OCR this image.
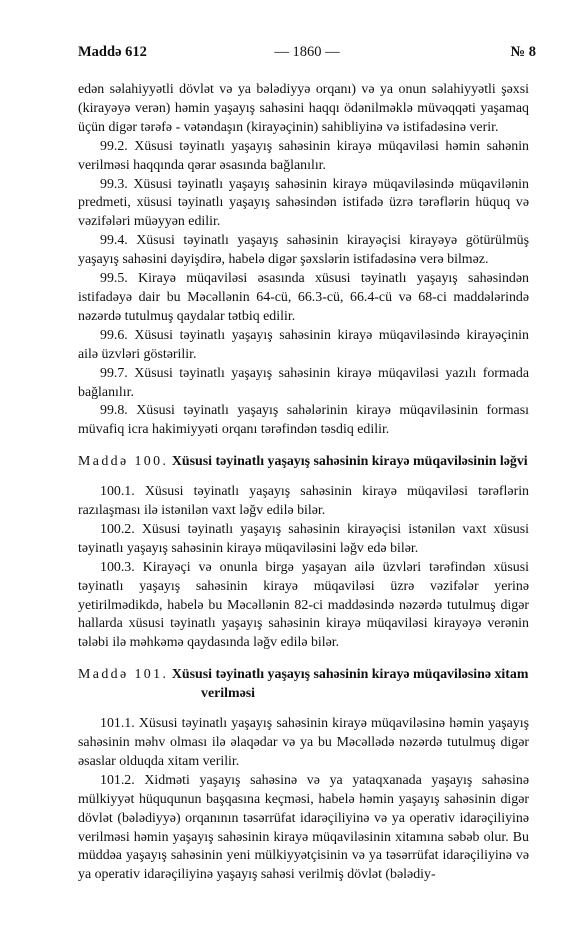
Maddə 612	— 1860 —	№ 8

edən səlahiyyətli dövlət və ya bələdiyyə orqanı) və ya onun səlahiyyətli şəxsi (kirayəyə verən) həmin yaşayış sahəsini haqqı ödənilməklə müvəqqəti yaşamaq üçün digər tərəfə - vətəndaşın (kirayəçinin) sahibliyinə və istifadəsinə verir.

99.2. Xüsusi təyinatlı yaşayış sahəsinin kirayə müqaviləsi həmin sahənin verilməsi haqqında qərar əsasında bağlanılır.

99.3. Xüsusi təyinatlı yaşayış sahəsinin kirayə müqaviləsində müqavilənin predmeti, xüsusi təyinatlı yaşayış sahəsindən istifadə üzrə tərəflərin hüquq və vəzifələri müəyyən edilir.

99.4. Xüsusi təyinatlı yaşayış sahəsinin kirayəçisi kirayəyə götürülmüş yaşayış sahəsini dəyişdirə, habelə digər şəxslərin istifadəsinə verə bilməz.

99.5. Kirayə müqaviləsi əsasında xüsusi təyinatlı yaşayış sahəsindən istifadəyə dair bu Məcəllənin 64-cü, 66.3-cü, 66.4-cü və 68-ci maddələrində nəzərdə tutulmuş qaydalar tətbiq edilir.

99.6. Xüsusi təyinatlı yaşayış sahəsinin kirayə müqaviləsində kirayəçinin ailə üzvləri göstərilir.

99.7. Xüsusi təyinatlı yaşayış sahəsinin kirayə müqaviləsi yazılı formada bağlanılır.

99.8. Xüsusi təyinatlı yaşayış sahələrinin kirayə müqaviləsinin forması müvafiq icra hakimiyyəti orqanı tərəfindən təsdiq edilir.

Maddə 100. Xüsusi təyinatlı yaşayış sahəsinin kirayə müqaviləsinin ləğvi

100.1. Xüsusi təyinatlı yaşayış sahəsinin kirayə müqaviləsi tərəflərin razılaşması ilə istənilən vaxt ləğv edilə bilər.

100.2. Xüsusi təyinatlı yaşayış sahəsinin kirayəçisi istənilən vaxt xüsusi təyinatlı yaşayış sahəsinin kirayə müqaviləsini ləğv edə bilər.

100.3. Kirayəçi və onunla birgə yaşayan ailə üzvləri tərəfindən xüsusi təyinatlı yaşayış sahəsinin kirayə müqaviləsi üzrə vəzifələr yerinə yetirilmədikdə, habelə bu Məcəllənin 82-ci maddəsində nəzərdə tutulmuş digər hallarda xüsusi təyinatlı yaşayış sahəsinin kirayə müqaviləsi kirayəyə verənin tələbi ilə məhkəmə qaydasında ləğv edilə bilər.

Maddə 101. Xüsusi təyinatlı yaşayış sahəsinin kirayə müqaviləsinə xitam verilməsi

101.1. Xüsusi təyinatlı yaşayış sahəsinin kirayə müqaviləsinə həmin yaşayış sahəsinin məhv olması ilə əlaqədar və ya bu Məcəllədə nəzərdə tutulmuş digər əsaslar olduqda xitam verilir.

101.2. Xidməti yaşayış sahəsinə və ya yataqxanada yaşayış sahəsinə mülkiyyət hüququnun başqasına keçməsi, habelə həmin yaşayış sahəsinin digər dövlət (bələdiyyə) orqanının təsərrüfat idarəçiliyinə və ya operativ idarəçiliyinə verilməsi həmin yaşayış sahəsinin kirayə müqaviləsinin xitamına səbəb olur. Bu müddəa yaşayış sahəsinin yeni mülkiyyətçisinin və ya təsərrüfat idarəçiliyinə və ya operativ idarəçiliyinə yaşayış sahəsi verilmiş dövlət (bələdiy-
